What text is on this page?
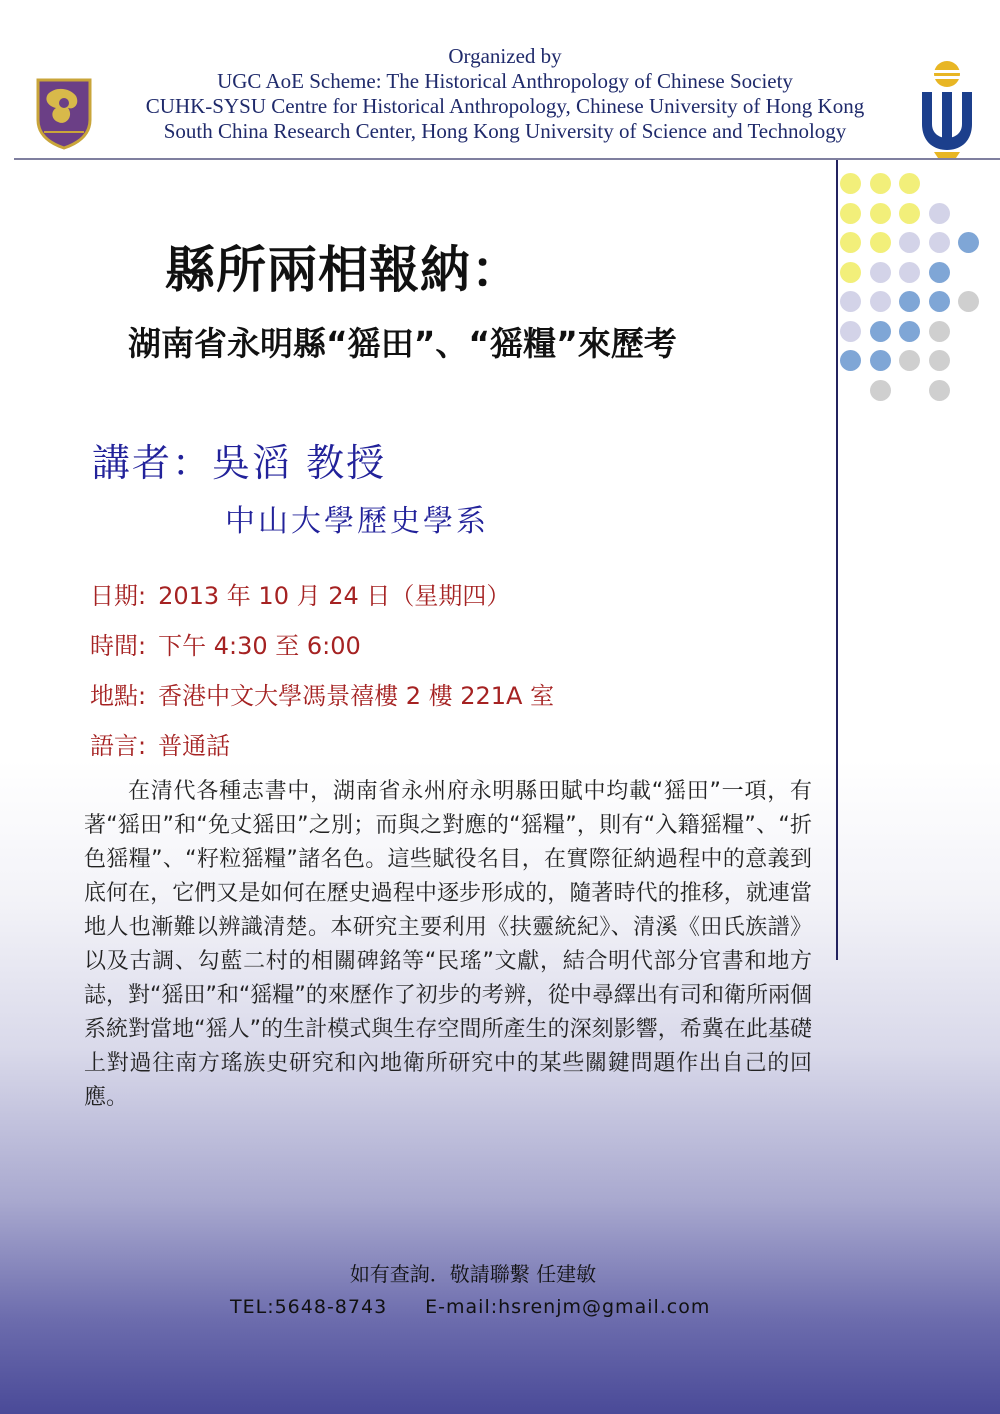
Organized by
UGC AoE Scheme: The Historical Anthropology of Chinese Society
CUHK-SYSU Centre for Historical Anthropology, Chinese University of Hong Kong
South China Research Center, Hong Kong University of Science and Technology
縣所兩相報納：
湖南省永明縣“猺田”、“猺糧”來歷考
講者：吳滔 教授
中山大學歷史學系
日期: 2013 年 10 月 24 日（星期四）
時間: 下午 4:30 至 6:00
地點: 香港中文大學馮景禧樓 2 樓 221A 室
語言: 普通話
在清代各種志書中，湖南省永州府永明縣田賦中均載“猺田”一項，有著“猺田”和“免丈猺田”之別；而與之對應的“猺糧”，則有“入籍猺糧”、“折色猺糧”、“籽粒猺糧”諸名色。這些賦役名目，在實際征納過程中的意義到底何在，它們又是如何在歷史過程中逐步形成的，隨著時代的推移，就連當地人也漸難以辨識清楚。本研究主要利用《扶靈統紀》、清溪《田氏族譜》以及古調、勾藍二村的相關碑銘等“民瑤”文獻，結合明代部分官書和地方誌，對“猺田”和“猺糧”的來歷作了初步的考辨，從中尋繹出有司和衛所兩個系統對當地“猺人”的生計模式與生存空間所產生的深刻影響，希冀在此基礎上對過往南方瑤族史研究和內地衛所研究中的某些關鍵問題作出自己的回應。
如有查詢．敬請聯繫 任建敏
TEL:5648-8743 E-mail:hsrenjm@gmail.com
